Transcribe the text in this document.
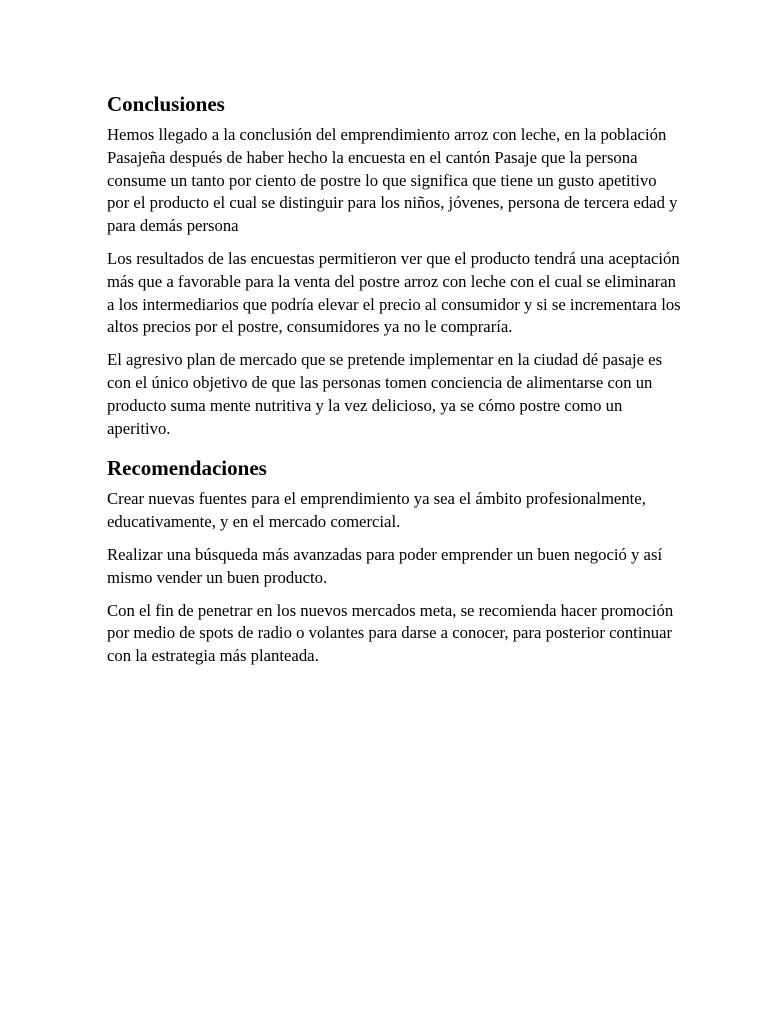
Conclusiones

Hemos llegado a la conclusión del emprendimiento arroz con leche, en la población Pasajeña después de haber hecho la encuesta en el cantón Pasaje que la persona consume un tanto por ciento de postre lo que significa que tiene un gusto apetitivo por el producto el cual se distinguir para los niños, jóvenes, persona de tercera edad y para demás persona

Los resultados de las encuestas permitieron ver que el producto tendrá una aceptación más que a favorable para la venta del postre arroz con leche con el cual se eliminaran a los intermediarios que podría elevar el precio al consumidor y si se incrementara los altos precios por el postre, consumidores ya no le compraría.

El agresivo plan de mercado que se pretende implementar en la ciudad dé pasaje es con el único objetivo de que las personas tomen conciencia de alimentarse con un producto suma mente nutritiva y la vez delicioso, ya se cómo postre como un aperitivo.

Recomendaciones

Crear nuevas fuentes para el emprendimiento ya sea el ámbito profesionalmente, educativamente, y en el mercado comercial.

Realizar una búsqueda más avanzadas para poder emprender un buen negoció y así mismo vender un buen producto.

Con el fin de penetrar en los nuevos mercados meta, se recomienda hacer promoción por medio de spots de radio o volantes para darse a conocer, para posterior continuar con la estrategia más planteada.
